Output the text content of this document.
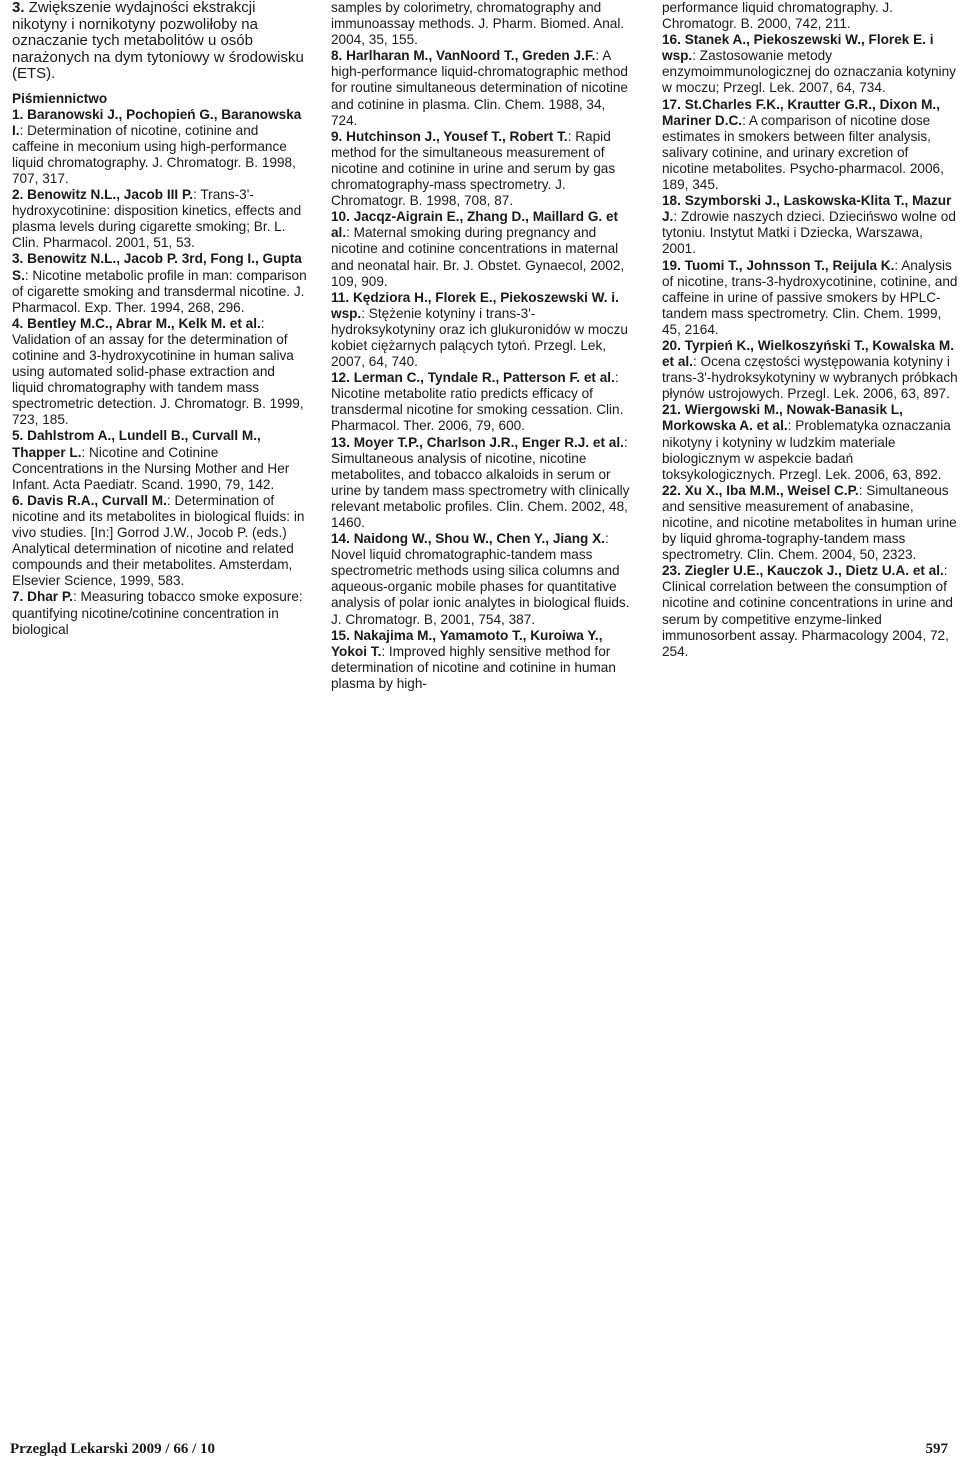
3. Zwiększenie wydajności ekstrakcji nikotyny i nornikotyny pozwoliłoby na oznaczanie tych metabolitów u osób narażonych na dym tytoniowy w środowisku (ETS).
Piśmiennictwo
1. Baranowski J., Pochopień G., Baranowska I.: Determination of nicotine, cotinine and caffeine in meconium using high-performance liquid chromatography. J. Chromatogr. B. 1998, 707, 317.
2. Benowitz N.L., Jacob III P.: Trans-3'-hydroxycotinine: disposition kinetics, effects and plasma levels during cigarette smoking; Br. L. Clin. Pharmacol. 2001, 51, 53.
3. Benowitz N.L., Jacob P. 3rd, Fong I., Gupta S.: Nicotine metabolic profile in man: comparison of cigarette smoking and transdermal nicotine. J. Pharmacol. Exp. Ther. 1994, 268, 296.
4. Bentley M.C., Abrar M., Kelk M. et al.: Validation of an assay for the determination of cotinine and 3-hydroxycotinine in human saliva using automated solid-phase extraction and liquid chromatography with tandem mass spectrometric detection. J. Chromatogr. B. 1999, 723, 185.
5. Dahlstrom A., Lundell B., Curvall M., Thapper L.: Nicotine and Cotinine Concentrations in the Nursing Mother and Her Infant. Acta Paediatr. Scand. 1990, 79, 142.
6. Davis R.A., Curvall M.: Determination of nicotine and its metabolites in biological fluids: in vivo studies. [In:] Gorrod J.W., Jocob P. (eds.) Analytical determination of nicotine and related compounds and their metabolites. Amsterdam, Elsevier Science, 1999, 583.
7. Dhar P.: Measuring tobacco smoke exposure: quantifying nicotine/cotinine concentration in biological
samples by colorimetry, chromatography and immunoassay methods. J. Pharm. Biomed. Anal. 2004, 35, 155.
8. Harlharan M., VanNoord T., Greden J.F.: A high-performance liquid-chromatographic method for routine simultaneous determination of nicotine and cotinine in plasma. Clin. Chem. 1988, 34, 724.
9. Hutchinson J., Yousef T., Robert T.: Rapid method for the simultaneous measurement of nicotine and cotinine in urine and serum by gas chromatography-mass spectrometry. J. Chromatogr. B. 1998, 708, 87.
10. Jacqz-Aigrain E., Zhang D., Maillard G. et al.: Maternal smoking during pregnancy and nicotine and cotinine concentrations in maternal and neonatal hair. Br. J. Obstet. Gynaecol, 2002, 109, 909.
11. Kędziora H., Florek E., Piekoszewski W. i. wsp.: Stężenie kotyniny i trans-3'-hydroksykotyniny oraz ich glukuronidów w moczu kobiet ciężarnych palących tytoń. Przegl. Lek, 2007, 64, 740.
12. Lerman C., Tyndale R., Patterson F. et al.: Nicotine metabolite ratio predicts efficacy of transdermal nicotine for smoking cessation. Clin. Pharmacol. Ther. 2006, 79, 600.
13. Moyer T.P., Charlson J.R., Enger R.J. et al.: Simultaneous analysis of nicotine, nicotine metabolites, and tobacco alkaloids in serum or urine by tandem mass spectrometry with clinically relevant metabolic profiles. Clin. Chem. 2002, 48, 1460.
14. Naidong W., Shou W., Chen Y., Jiang X.: Novel liquid chromatographic-tandem mass spectrometric methods using silica columns and aqueous-organic mobile phases for quantitative analysis of polar ionic analytes in biological fluids. J. Chromatogr. B, 2001, 754, 387.
15. Nakajima M., Yamamoto T., Kuroiwa Y., Yokoi T.: Improved highly sensitive method for determination of nicotine and cotinine in human plasma by high-
performance liquid chromatography. J. Chromatogr. B. 2000, 742, 211.
16. Stanek A., Piekoszewski W., Florek E. i wsp.: Zastosowanie metody enzymoimmunologicznej do oznaczania kotyniny w moczu; Przegl. Lek. 2007, 64, 734.
17. St.Charles F.K., Krautter G.R., Dixon M., Mariner D.C.: A comparison of nicotine dose estimates in smokers between filter analysis, salivary cotinine, and urinary excretion of nicotine metabolites. Psycho-pharmacol. 2006, 189, 345.
18. Szymborski J., Laskowska-Klita T., Mazur J.: Zdrowie naszych dzieci. Dziecińswo wolne od tytoniu. Instytut Matki i Dziecka, Warszawa, 2001.
19. Tuomi T., Johnsson T., Reijula K.: Analysis of nicotine, trans-3-hydroxycotinine, cotinine, and caffeine in urine of passive smokers by HPLC-tandem mass spectrometry. Clin. Chem. 1999, 45, 2164.
20. Tyrpień K., Wielkoszyński T., Kowalska M. et al.: Ocena częstości występowania kotyniny i trans-3'-hydroksykotyniny w wybranych próbkach płynów ustrojowych. Przegl. Lek. 2006, 63, 897.
21. Wiergowski M., Nowak-Banasik L, Morkowska A. et al.: Problematyka oznaczania nikotyny i kotyniny w ludzkim materiale biologicznym w aspekcie badań toksykologicznych. Przegl. Lek. 2006, 63, 892.
22. Xu X., Iba M.M., Weisel C.P.: Simultaneous and sensitive measurement of anabasine, nicotine, and nicotine metabolites in human urine by liquid ghroma-tography-tandem mass spectrometry. Clin. Chem. 2004, 50, 2323.
23. Ziegler U.E., Kauczok J., Dietz U.A. et al.: Clinical correlation between the consumption of nicotine and cotinine concentrations in urine and serum by competitive enzyme-linked immunosorbent assay. Pharmacology 2004, 72, 254.
Przegląd Lekarski 2009 / 66 / 10	597
